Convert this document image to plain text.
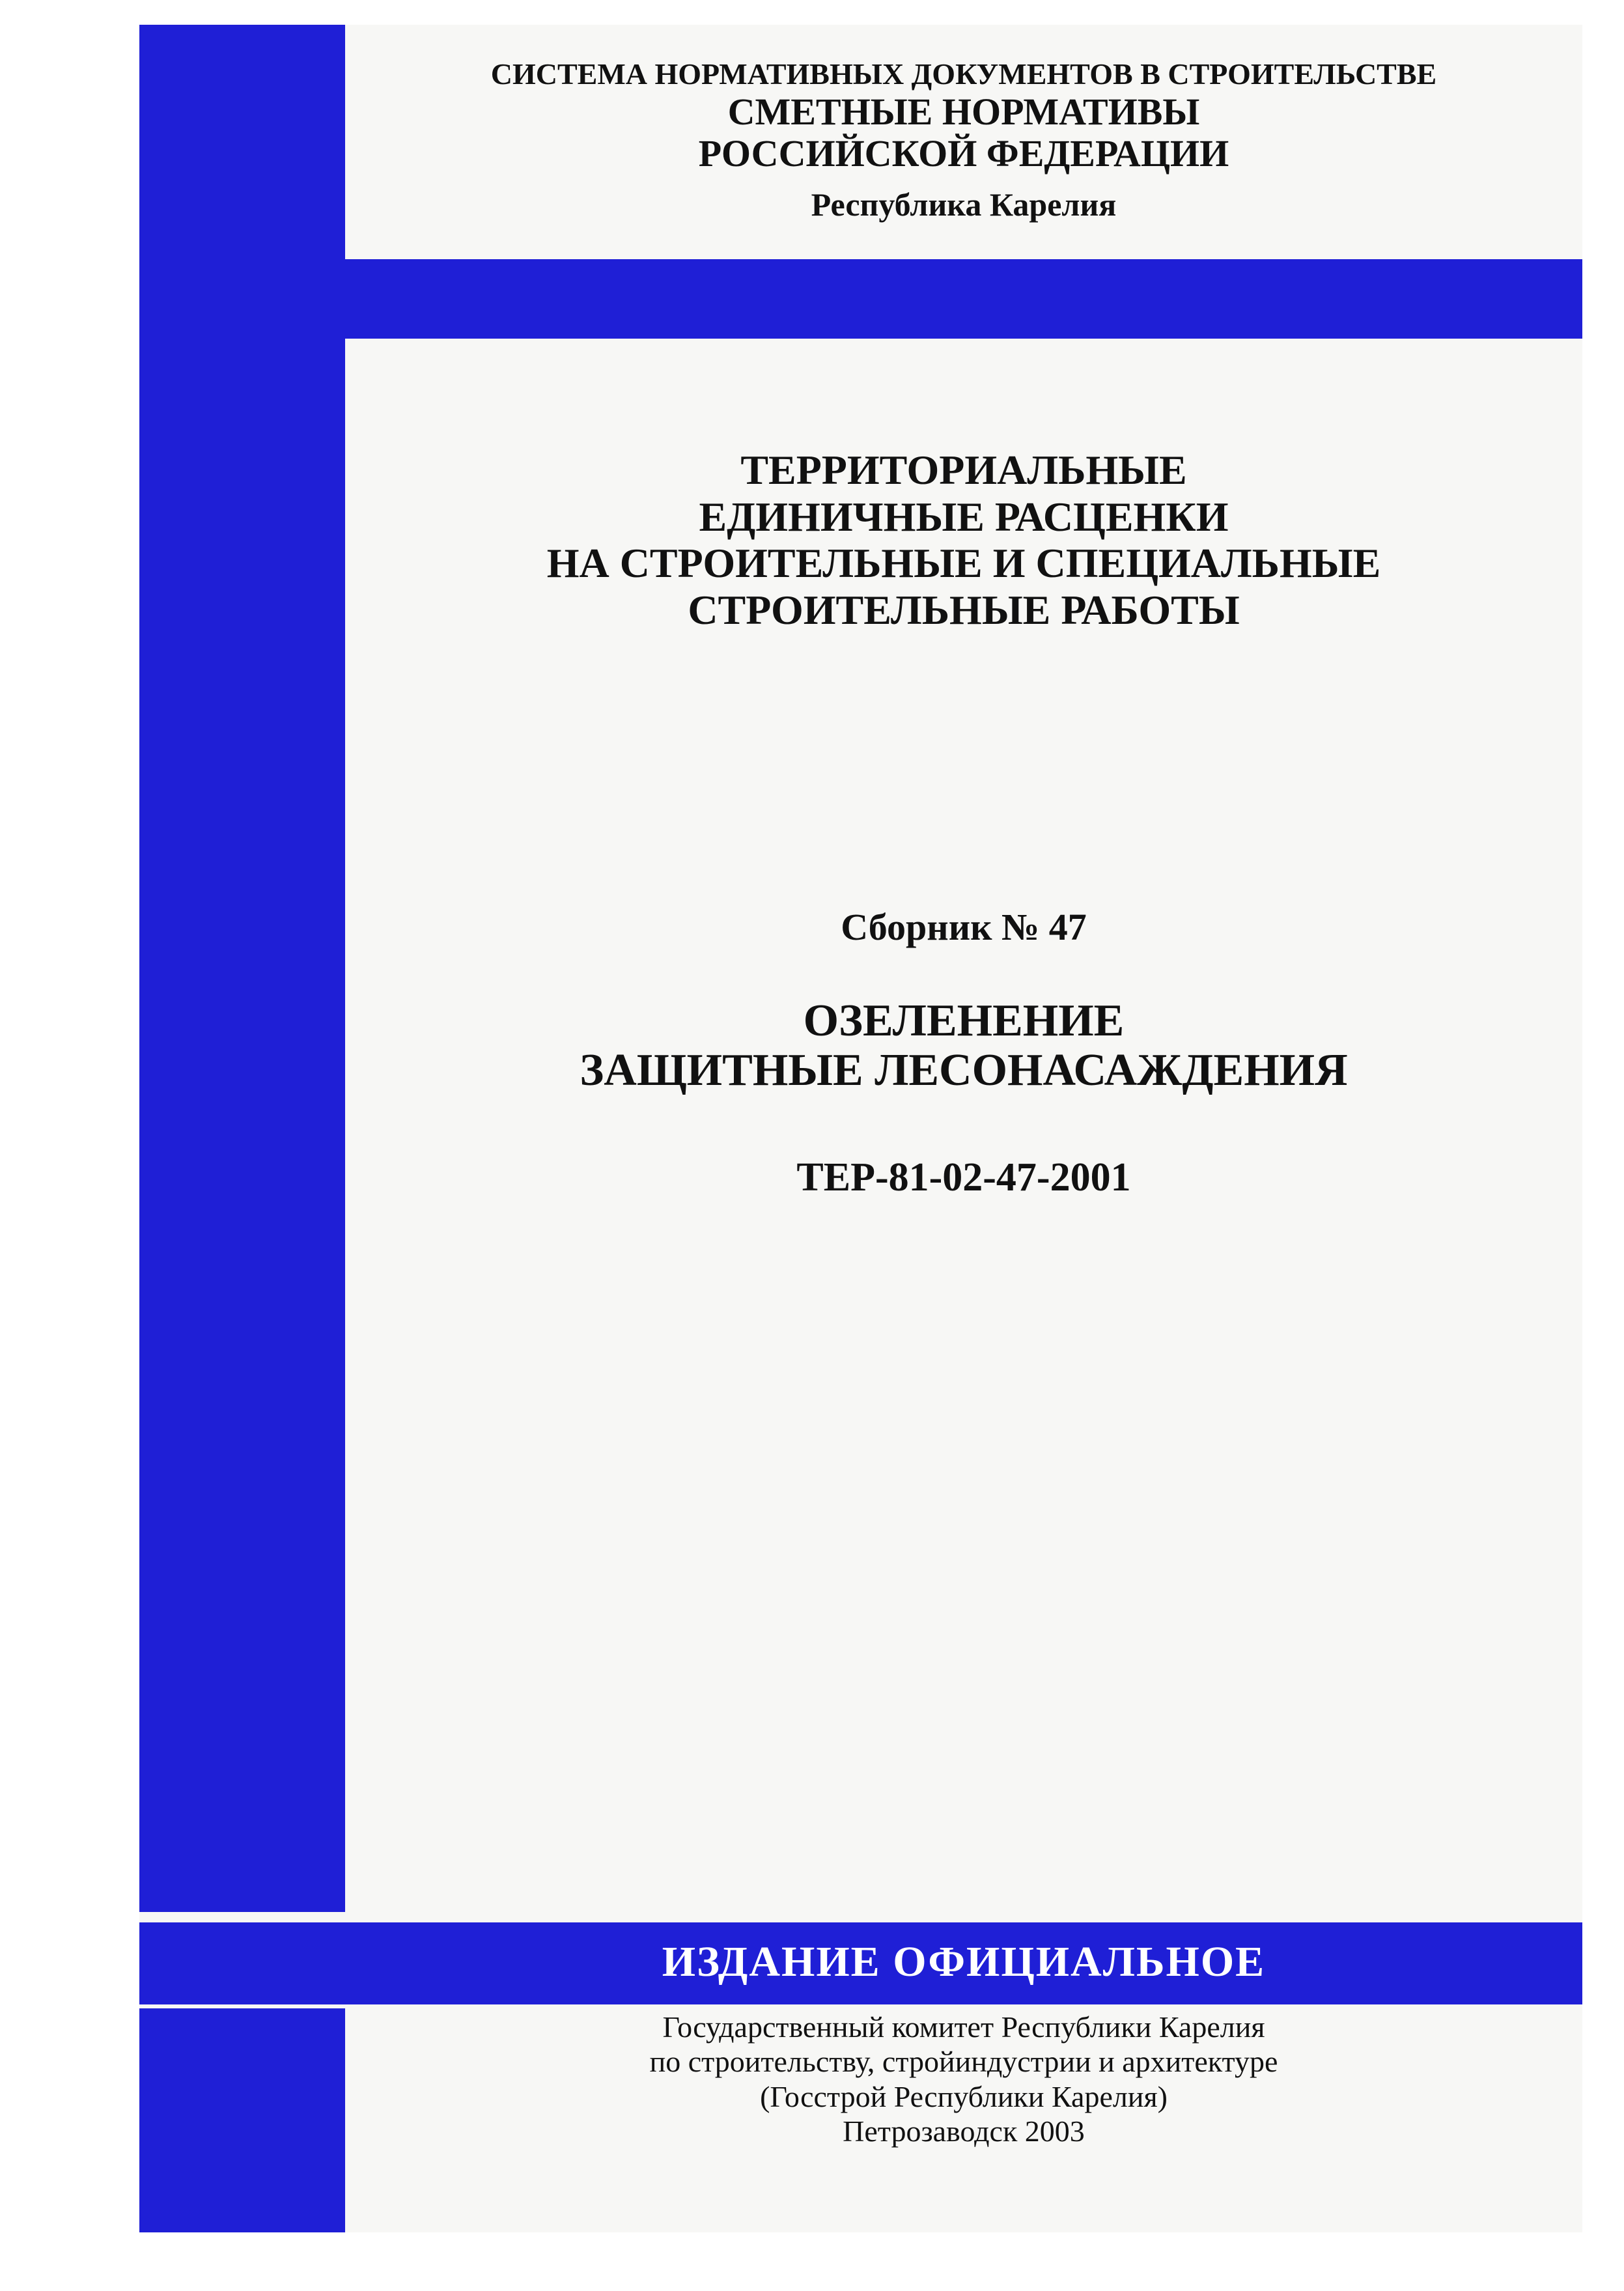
СИСТЕМА НОРМАТИВНЫХ ДОКУМЕНТОВ В СТРОИТЕЛЬСТВЕ
СМЕТНЫЕ НОРМАТИВЫ
РОССИЙСКОЙ ФЕДЕРАЦИИ
Республика Карелия
ТЕРРИТОРИАЛЬНЫЕ
ЕДИНИЧНЫЕ РАСЦЕНКИ
НА СТРОИТЕЛЬНЫЕ И СПЕЦИАЛЬНЫЕ
СТРОИТЕЛЬНЫЕ РАБОТЫ
Сборник № 47
ОЗЕЛЕНЕНИЕ
ЗАЩИТНЫЕ ЛЕСОНАСАЖДЕНИЯ
ТЕР-81-02-47-2001
ИЗДАНИЕ ОФИЦИАЛЬНОЕ
Государственный комитет Республики Карелия
по строительству, стройиндустрии и архитектуре
(Госстрой Республики Карелия)
Петрозаводск 2003
